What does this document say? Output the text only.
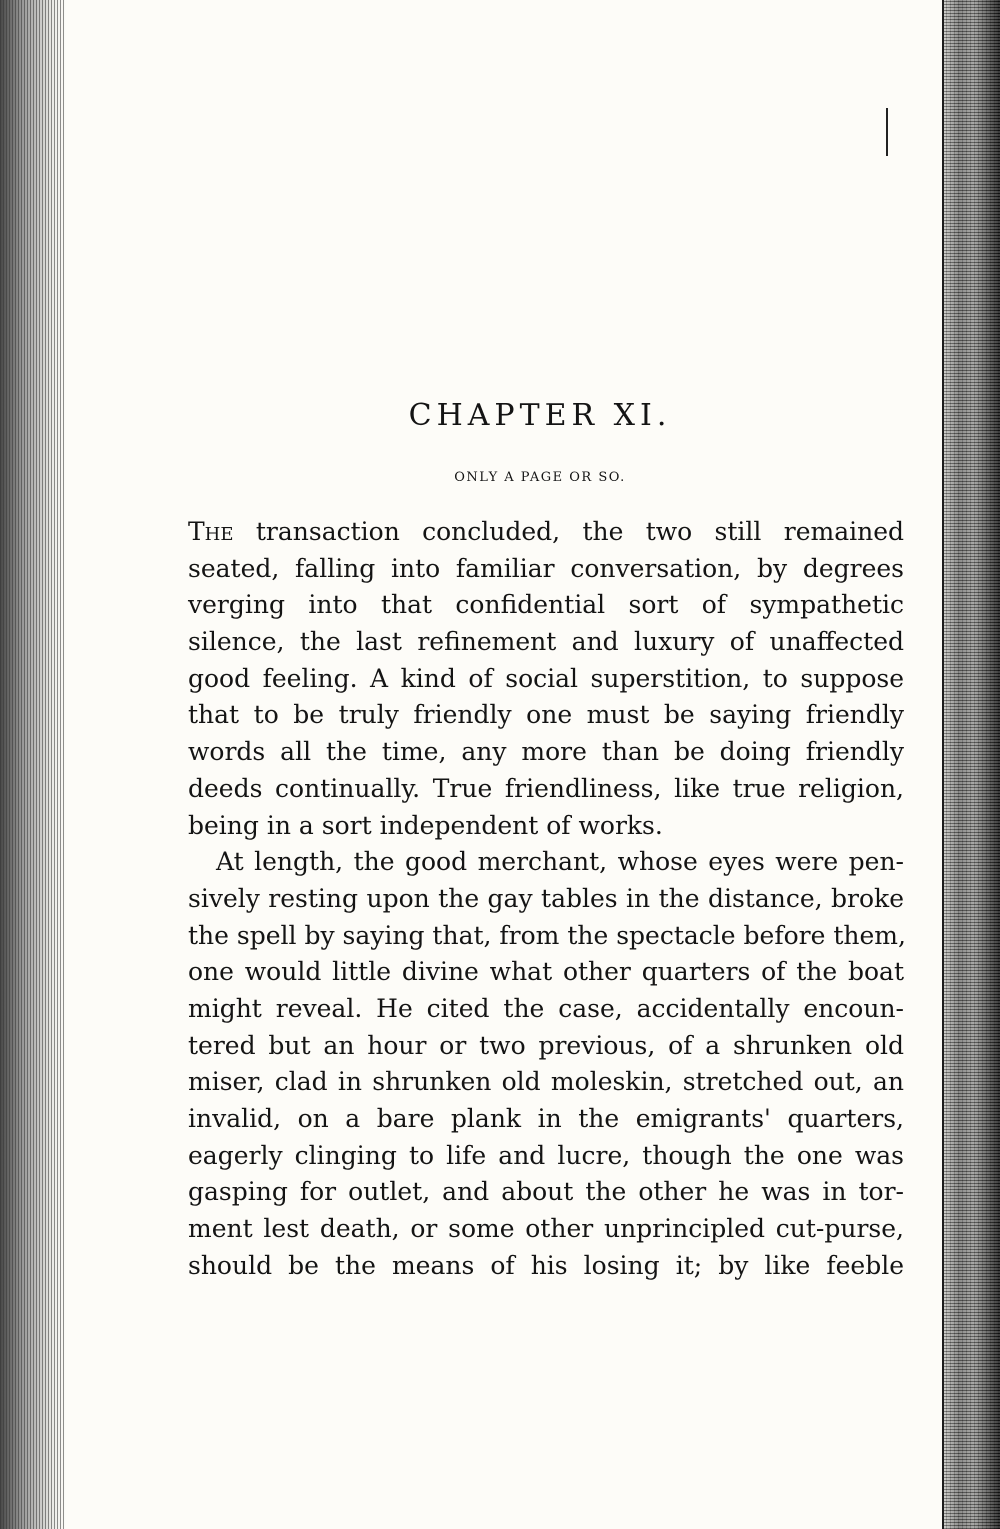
CHAPTER XI.

ONLY A PAGE OR SO.

The transaction concluded, the two still remained
seated, falling into familiar conversation, by degrees
verging into that confidential sort of sympathetic
silence, the last refinement and luxury of unaffected
good feeling. A kind of social superstition, to suppose
that to be truly friendly one must be saying friendly
words all the time, any more than be doing friendly
deeds continually. True friendliness, like true religion,
being in a sort independent of works.
At length, the good merchant, whose eyes were pen-
sively resting upon the gay tables in the distance, broke
the spell by saying that, from the spectacle before them,
one would little divine what other quarters of the boat
might reveal. He cited the case, accidentally encoun-
tered but an hour or two previous, of a shrunken old
miser, clad in shrunken old moleskin, stretched out, an
invalid, on a bare plank in the emigrants' quarters,
eagerly clinging to life and lucre, though the one was
gasping for outlet, and about the other he was in tor-
ment lest death, or some other unprincipled cut-purse,
should be the means of his losing it; by like feeble
